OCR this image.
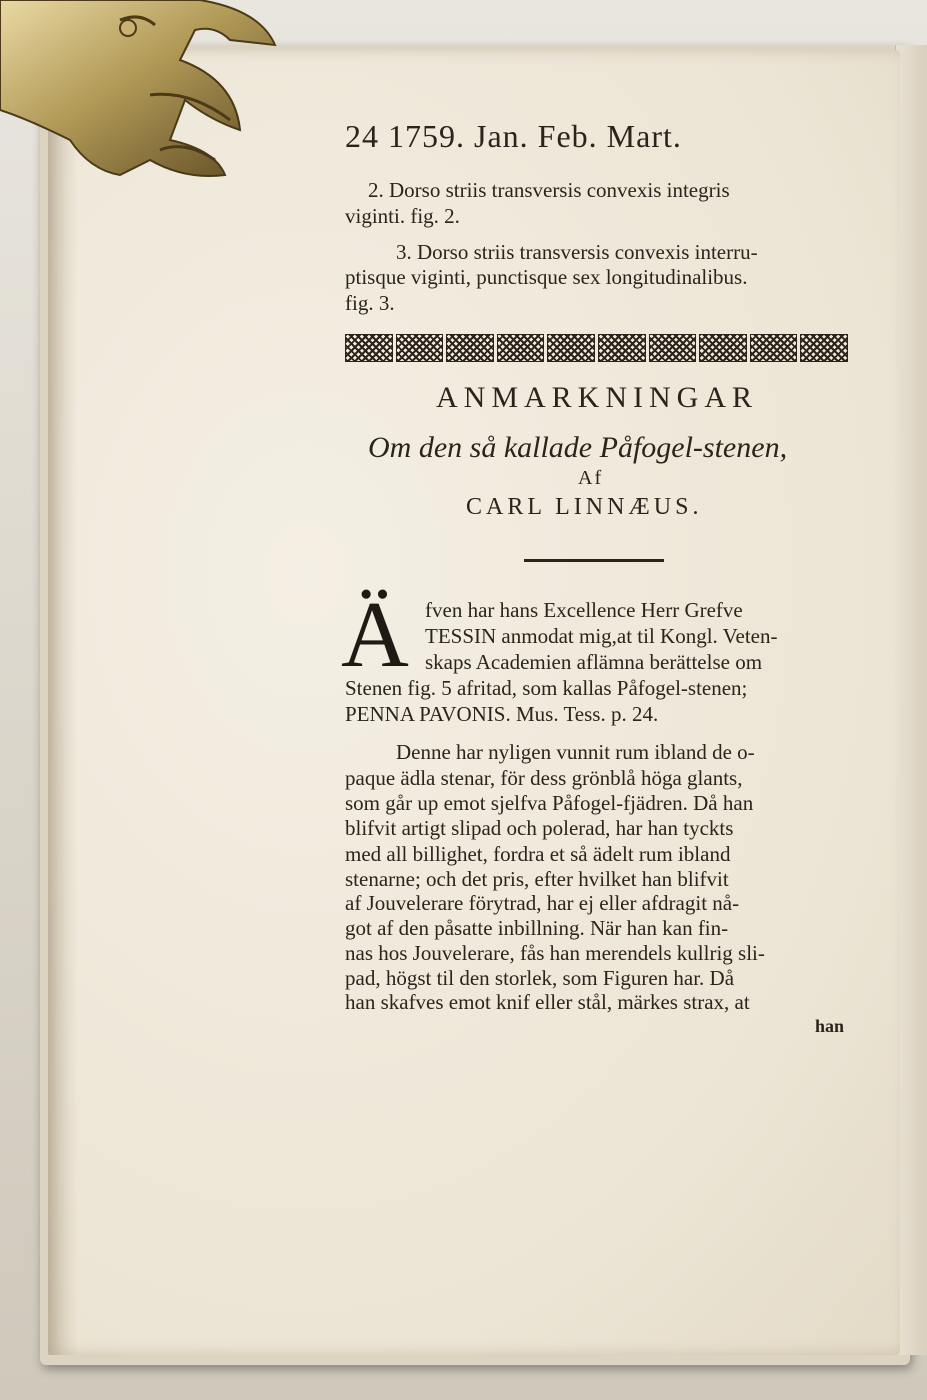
24 1759. Jan. Feb. Mart.
2. Dorso striis transversis convexis integris
viginti. fig. 2.
3. Dorso striis transversis convexis interru-
ptisque viginti, punctisque sex longitudinalibus.
fig. 3.
ANMARKNINGAR
Om den så kallade Påfogel-stenen,
Af
CARL LINNÆUS.
Ä fven har hans Excellence Herr Grefve
TESSIN anmodat mig,at til Kongl. Veten-
skaps Academien aflämna berättelse om
Stenen fig. 5 afritad, som kallas Påfogel-stenen;
PENNA PAVONIS. Mus. Tess. p. 24.
Denne har nyligen vunnit rum ibland de o-
paque ädla stenar, för dess grönblå höga glants,
som går up emot sjelfva Påfogel-fjädren. Då han
blifvit artigt slipad och polerad, har han tyckts
med all billighet, fordra et så ädelt rum ibland
stenarne; och det pris, efter hvilket han blifvit
af Jouvelerare förytrad, har ej eller afdragit nå-
got af den påsatte inbillning. När han kan fin-
nas hos Jouvelerare, fås han merendels kullrig sli-
pad, högst til den storlek, som Figuren har. Då
han skafves emot knif eller stål, märkes strax, at
han
